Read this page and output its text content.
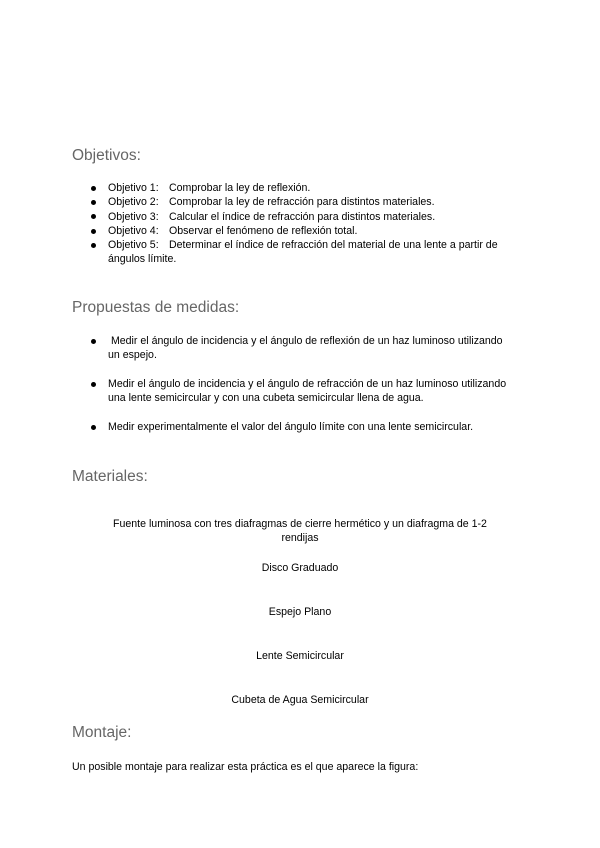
Objetivos:
Objetivo 1: Comprobar la ley de reflexión.
Objetivo 2: Comprobar la ley de refracción para distintos materiales.
Objetivo 3: Calcular el índice de refracción para distintos materiales.
Objetivo 4: Observar el fenómeno de reflexión total.
Objetivo 5: Determinar el índice de refracción del material de una lente a partir de
ángulos límite.
Propuestas de medidas:
Medir el ángulo de incidencia y el ángulo de reflexión de un haz luminoso utilizando
un espejo.
Medir el ángulo de incidencia y el ángulo de refracción de un haz luminoso utilizando
una lente semicircular y con una cubeta semicircular llena de agua.
Medir experimentalmente el valor del ángulo límite con una lente semicircular.
Materiales:
Fuente luminosa con tres diafragmas de cierre hermético y un diafragma de 1-2
rendijas
Disco Graduado
Espejo Plano
Lente Semicircular
Cubeta de Agua Semicircular
Montaje:
Un posible montaje para realizar esta práctica es el que aparece la figura:
